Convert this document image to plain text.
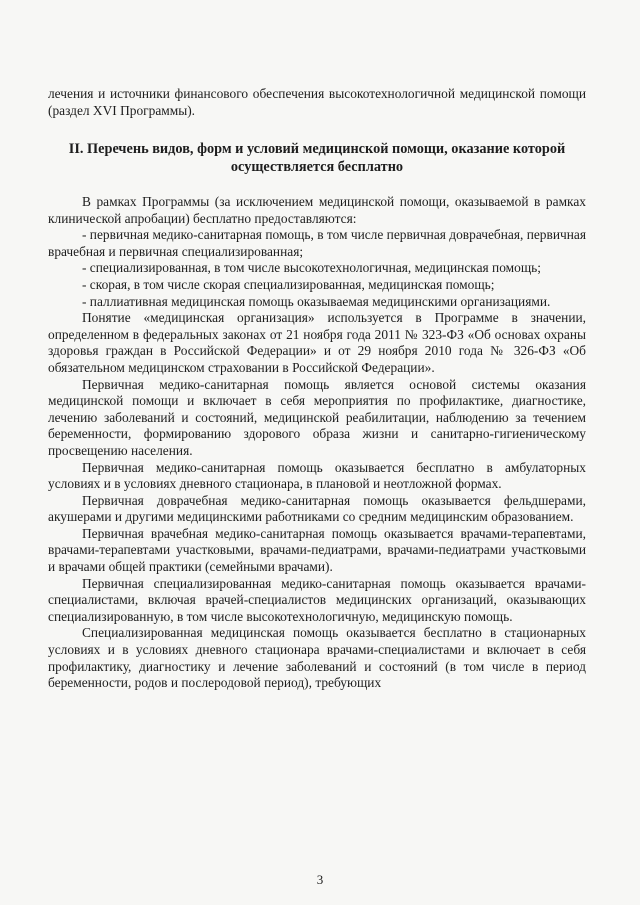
лечения и источники финансового обеспечения высокотехнологичной медицинской помощи (раздел XVI Программы).

II. Перечень видов, форм и условий медицинской помощи, оказание которой осуществляется бесплатно

В рамках Программы (за исключением медицинской помощи, оказываемой в рамках клинической апробации) бесплатно предоставляются:

- первичная медико-санитарная помощь, в том числе первичная доврачебная, первичная врачебная и первичная специализированная;

- специализированная, в том числе высокотехнологичная, медицинская помощь;

- скорая, в том числе скорая специализированная, медицинская помощь;

- паллиативная медицинская помощь оказываемая медицинскими организациями.

Понятие «медицинская организация» используется в Программе в значении, определенном в федеральных законах от 21 ноября года 2011 № 323-ФЗ «Об основах охраны здоровья граждан в Российской Федерации» и от 29 ноября 2010 года № 326-ФЗ «Об обязательном медицинском страховании в Российской Федерации».

Первичная медико-санитарная помощь является основой системы оказания медицинской помощи и включает в себя мероприятия по профилактике, диагностике, лечению заболеваний и состояний, медицинской реабилитации, наблюдению за течением беременности, формированию здорового образа жизни и санитарно-гигиеническому просвещению населения.

Первичная медико-санитарная помощь оказывается бесплатно в амбулаторных условиях и в условиях дневного стационара, в плановой и неотложной формах.

Первичная доврачебная медико-санитарная помощь оказывается фельдшерами, акушерами и другими медицинскими работниками со средним медицинским образованием.

Первичная врачебная медико-санитарная помощь оказывается врачами-терапевтами, врачами-терапевтами участковыми, врачами-педиатрами, врачами-педиатрами участковыми и врачами общей практики (семейными врачами).

Первичная специализированная медико-санитарная помощь оказывается врачами-специалистами, включая врачей-специалистов медицинских организаций, оказывающих специализированную, в том числе высокотехнологичную, медицинскую помощь.

Специализированная медицинская помощь оказывается бесплатно в стационарных условиях и в условиях дневного стационара врачами-специалистами и включает в себя профилактику, диагностику и лечение заболеваний и состояний (в том числе в период беременности, родов и послеродовой период), требующих

3
